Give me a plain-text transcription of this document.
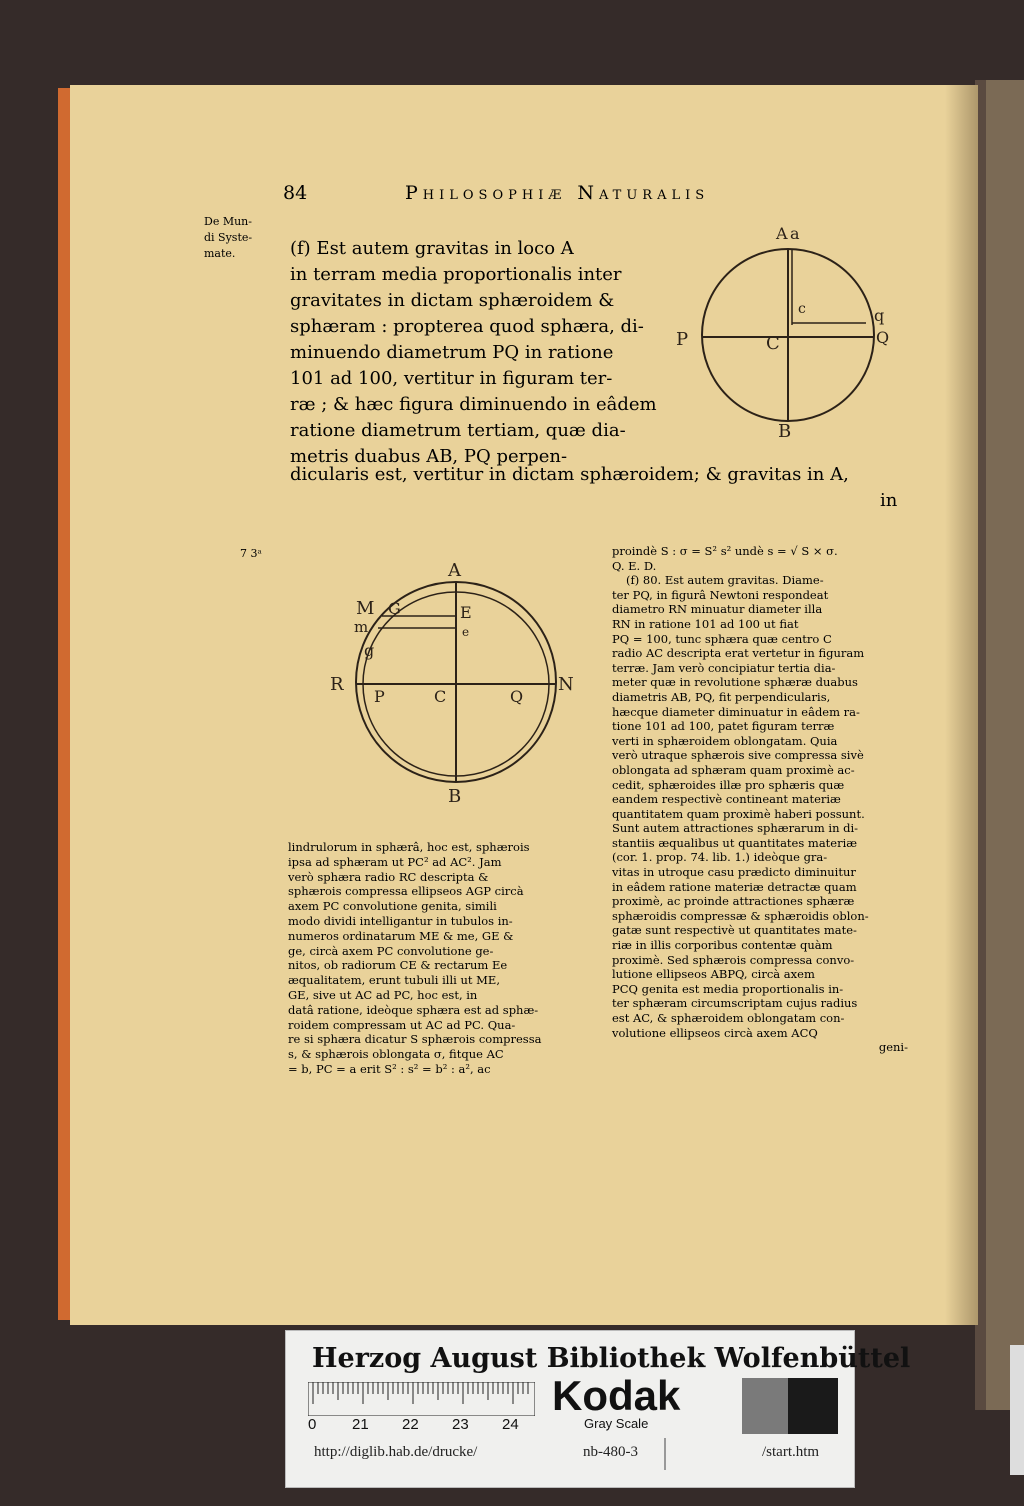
84	Philosophiæ Naturalis
De Mun-
di Syste-
mate.	(f) Est autem gravitas in loco A
in terram media proportionalis inter
gravitates in dictam sphæroidem &
sphæram : propterea quod sphæra, di-
minuendo diametrum PQ in ratione
101 ad 100, vertitur in figuram ter-
ræ ; & hæc figura diminuendo in eâdem
ratione diametrum tertiam, quæ dia-
metris duabus AB, PQ perpen-
dicularis est, vertitur in dictam sphæroidem; & gravitas in A,
in
A a
P	C
c	q
Q
B
7 3ᵃ
A
M
m
G
g
E
e
R
P	C	Q
N
B
lindrulorum in sphærâ, hoc est, sphærois
ipsa ad sphæram ut PC² ad AC². Jam
verò sphæra radio RC descripta &
sphærois compressa ellipseos AGP circà
axem PC convolutione genita, simili
modo dividi intelligantur in tubulos in-
numeros ordinatarum ME & me, GE &
ge, circà axem PC convolutione ge-
nitos, ob radiorum CE & rectarum Ee
æqualitatem, erunt tubuli illi ut ME,
GE, sive ut AC ad PC, hoc est, in
datâ ratione, ideòque sphæra est ad sphæ-
roidem compressam ut AC ad PC. Qua-
re si sphæra dicatur S sphærois compressa
s, & sphærois oblongata σ, fitque AC
= b, PC = a erit S² : s² = b² : a², ac
proindè S : σ = S² s² undè s = √ S × σ.
Q. E. D.
(f) 80. Est autem gravitas. Diame-
ter PQ, in figurâ Newtoni respondeat
diametro RN minuatur diameter illa
RN in ratione 101 ad 100 ut fiat
PQ = 100, tunc sphæra quæ centro C
radio AC descripta erat vertetur in figuram
terræ. Jam verò concipiatur tertia dia-
meter quæ in revolutione sphæræ duabus
diametris AB, PQ, fit perpendicularis,
hæcque diameter diminuatur in eâdem ra-
tione 101 ad 100, patet figuram terræ
verti in sphæroidem oblongatam. Quia
verò utraque sphærois sive compressa sivè
oblongata ad sphæram quam proximè ac-
cedit, sphæroides illæ pro sphæris quæ
eandem respectivè contineant materiæ
quantitatem quam proximè haberi possunt.
Sunt autem attractiones sphærarum in di-
stantiis æqualibus ut quantitates materiæ
(cor. 1. prop. 74. lib. 1.) ideòque gra-
vitas in utroque casu prædicto diminuitur
in eâdem ratione materiæ detractæ quam
proximè, ac proinde attractiones sphæræ
sphæroidis compressæ & sphæroidis oblon-
gatæ sunt respectivè ut quantitates mate-
riæ in illis corporibus contentæ quàm
proximè. Sed sphærois compressa convo-
lutione ellipseos ABPQ, circà axem
PCQ genita est media proportionalis in-
ter sphæram circumscriptam cujus radius
est AC, & sphæroidem oblongatam con-
volutione ellipseos circà axem ACQ
geni-
Herzog August Bibliothek Wolfenbüttel
0 21 22 23 24
Kodak
Gray Scale
http://diglib.hab.de/drucke/	nb-480-3	/start.htm
